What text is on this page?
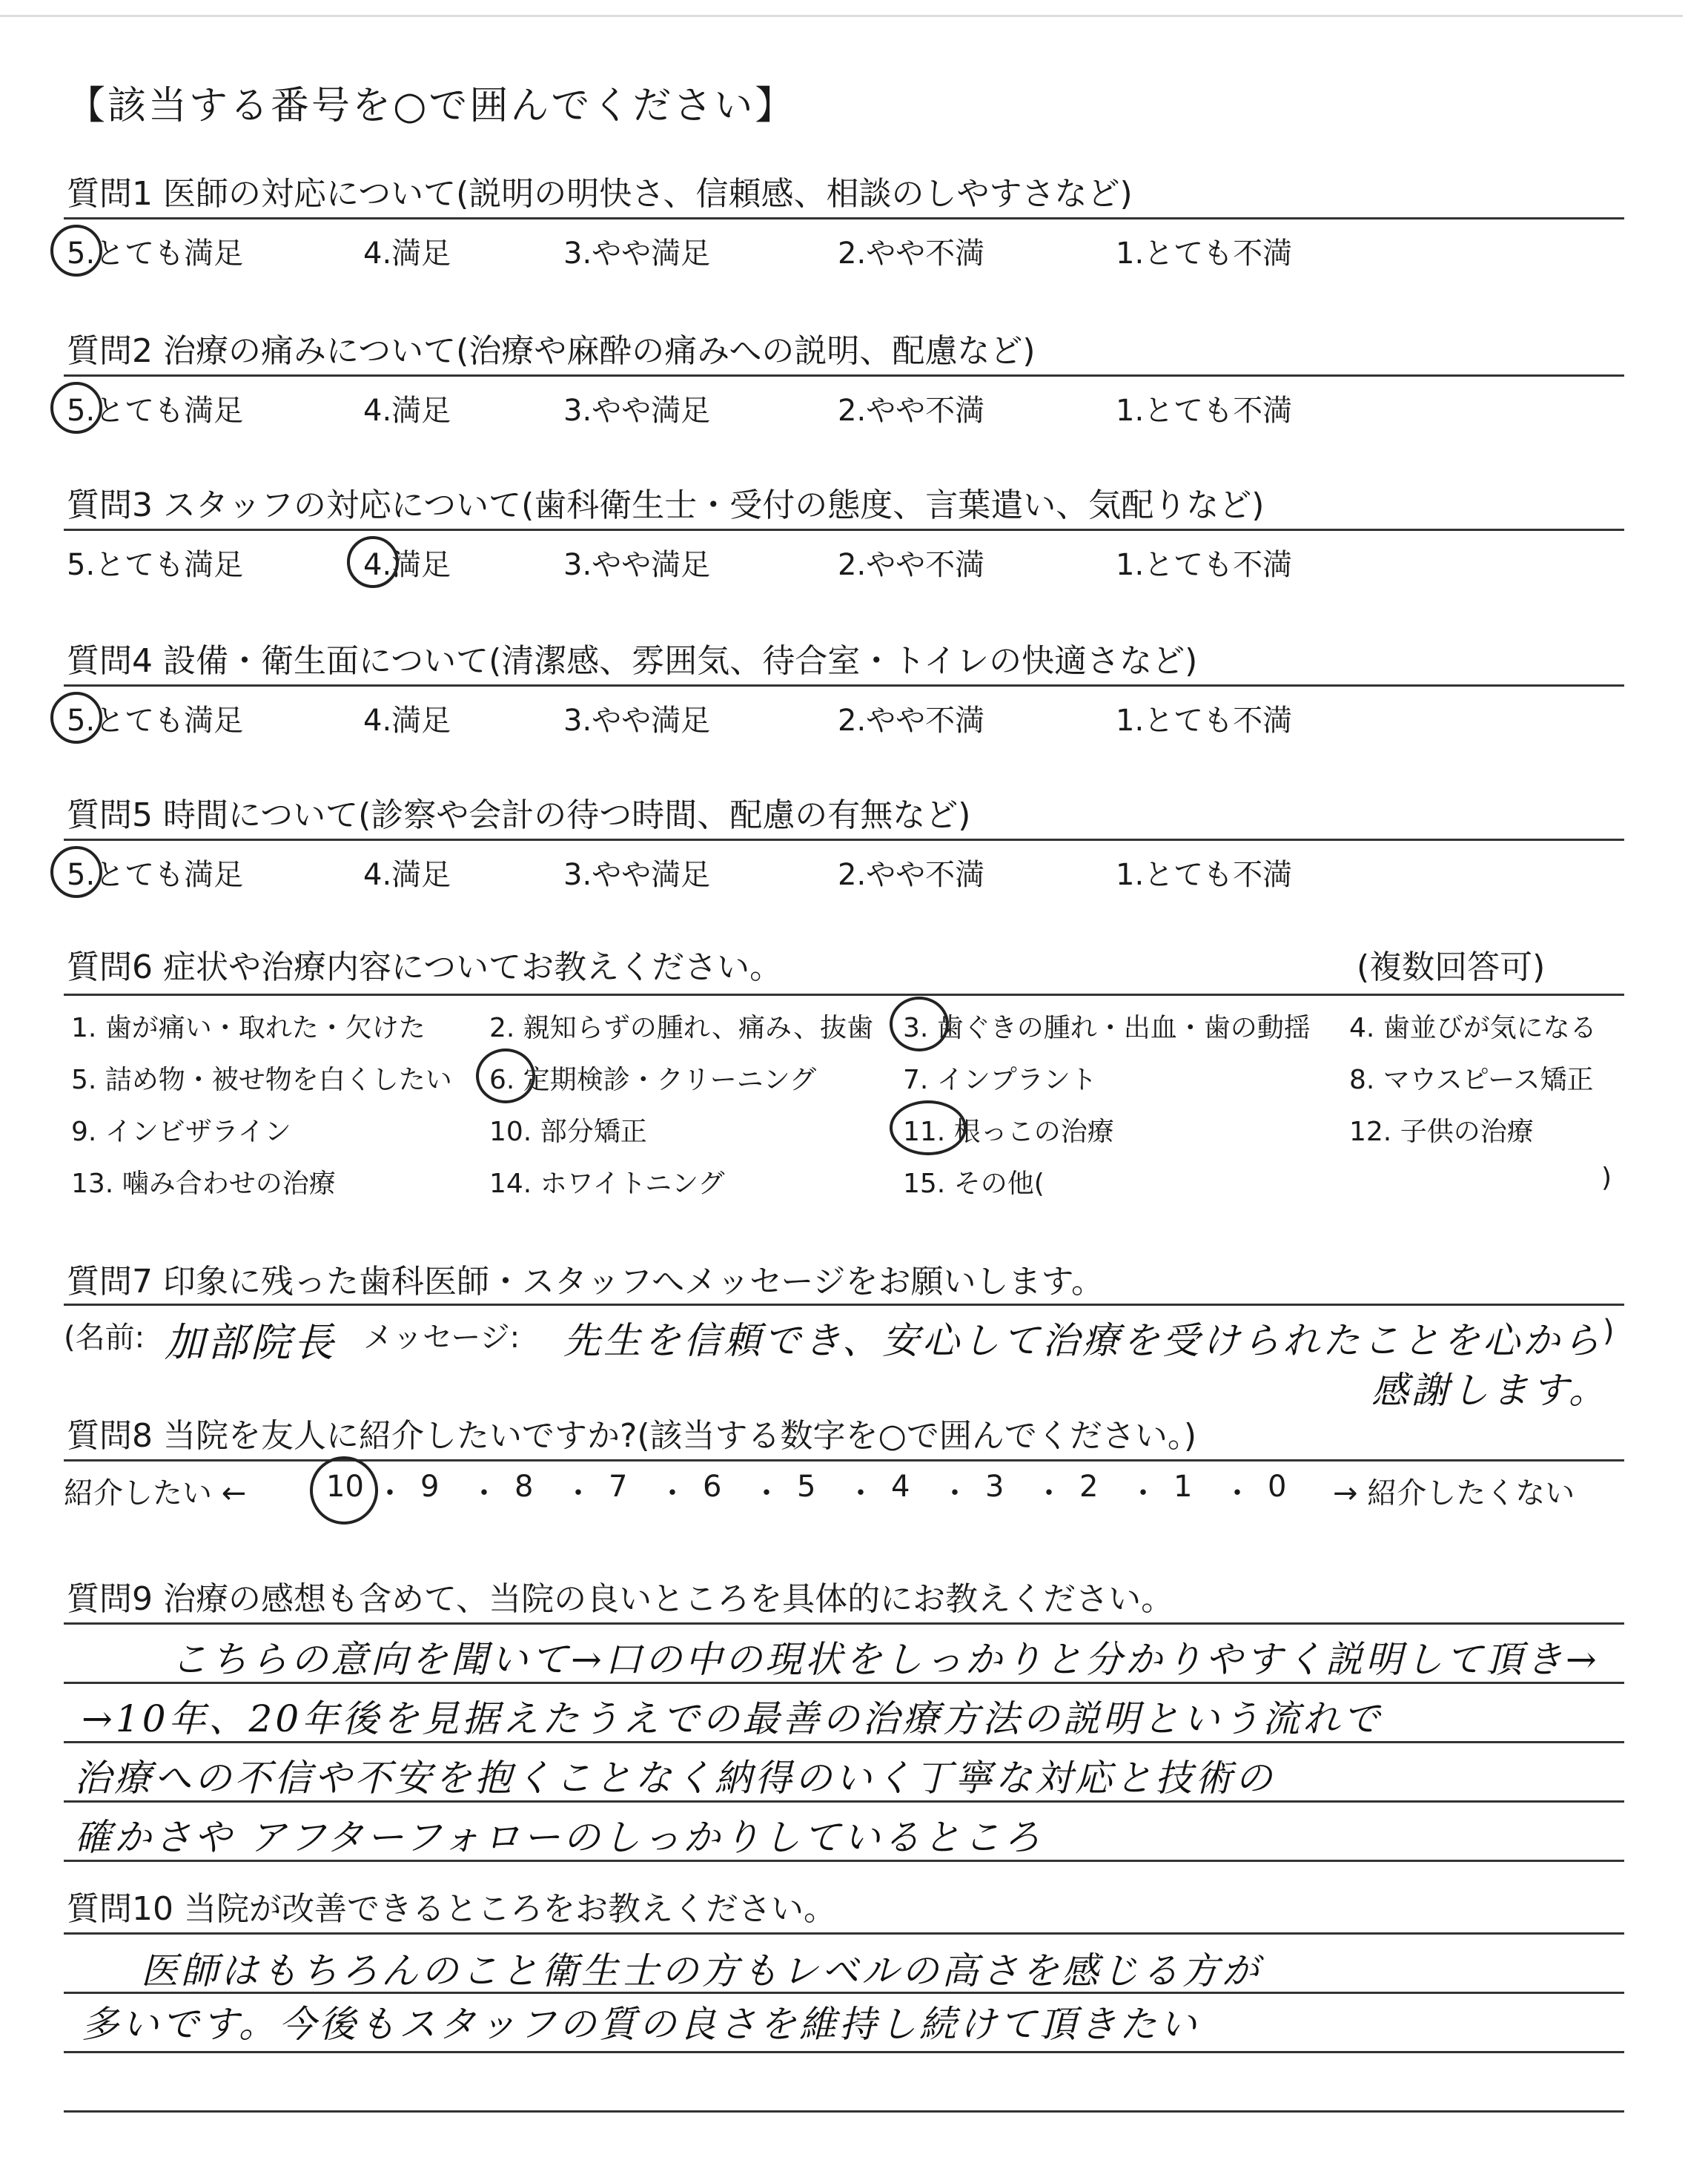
【該当する番号を○で囲んでください】
質問1 医師の対応について(説明の明快さ、信頼感、相談のしやすさなど)
5.とても満足	4.満足	3.やや満足	2.やや不満	1.とても不満
質問2 治療の痛みについて(治療や麻酔の痛みへの説明、配慮など)
5.とても満足	4.満足	3.やや満足	2.やや不満	1.とても不満
質問3 スタッフの対応について(歯科衛生士・受付の態度、言葉遣い、気配りなど)
5.とても満足	4.満足	3.やや満足	2.やや不満	1.とても不満
質問4 設備・衛生面について(清潔感、雰囲気、待合室・トイレの快適さなど)
5.とても満足	4.満足	3.やや満足	2.やや不満	1.とても不満
質問5 時間について(診察や会計の待つ時間、配慮の有無など)
5.とても満足	4.満足	3.やや満足	2.やや不満	1.とても不満
質問6 症状や治療内容についてお教えください。	(複数回答可)
1. 歯が痛い・取れた・欠けた 2. 親知らずの腫れ、痛み、抜歯 3. 歯ぐきの腫れ・出血・歯の動揺 4. 歯並びが気になる
5. 詰め物・被せ物を白くしたい 6. 定期検診・クリーニング	7. インプラント	8. マウスピース矯正
9. インビザライン	10. 部分矯正	11. 根っこの治療	12. 子供の治療
13. 噛み合わせの治療	14. ホワイトニング	15. その他(	)
質問7 印象に残った歯科医師・スタッフへメッセージをお願いします。
(名前: 加部院長 メッセージ: 先生を信頼でき、安心して治療を受けられたことを心から )
感謝します。
質問8 当院を友人に紹介したいですか?(該当する数字を○で囲んでください。)
紹介したい ←	→ 紹介したくない
10 ・ 9 ・ 8 ・ 7 ・ 6 ・ 5 ・ 4 ・ 3 ・ 2 ・ 1 ・ 0
質問9 治療の感想も含めて、当院の良いところを具体的にお教えください。
こちらの意向を聞いて→口の中の現状をしっかりと分かりやすく説明して頂き→
→10年、20年後を見据えたうえでの最善の治療方法の説明という流れで
治療への不信や不安を抱くことなく納得のいく丁寧な対応と技術の
確かさや アフターフォローのしっかりしているところ
質問10 当院が改善できるところをお教えください。
医師はもちろんのこと衛生士の方もレベルの高さを感じる方が
多いです。今後もスタッフの質の良さを維持し続けて頂きたい
